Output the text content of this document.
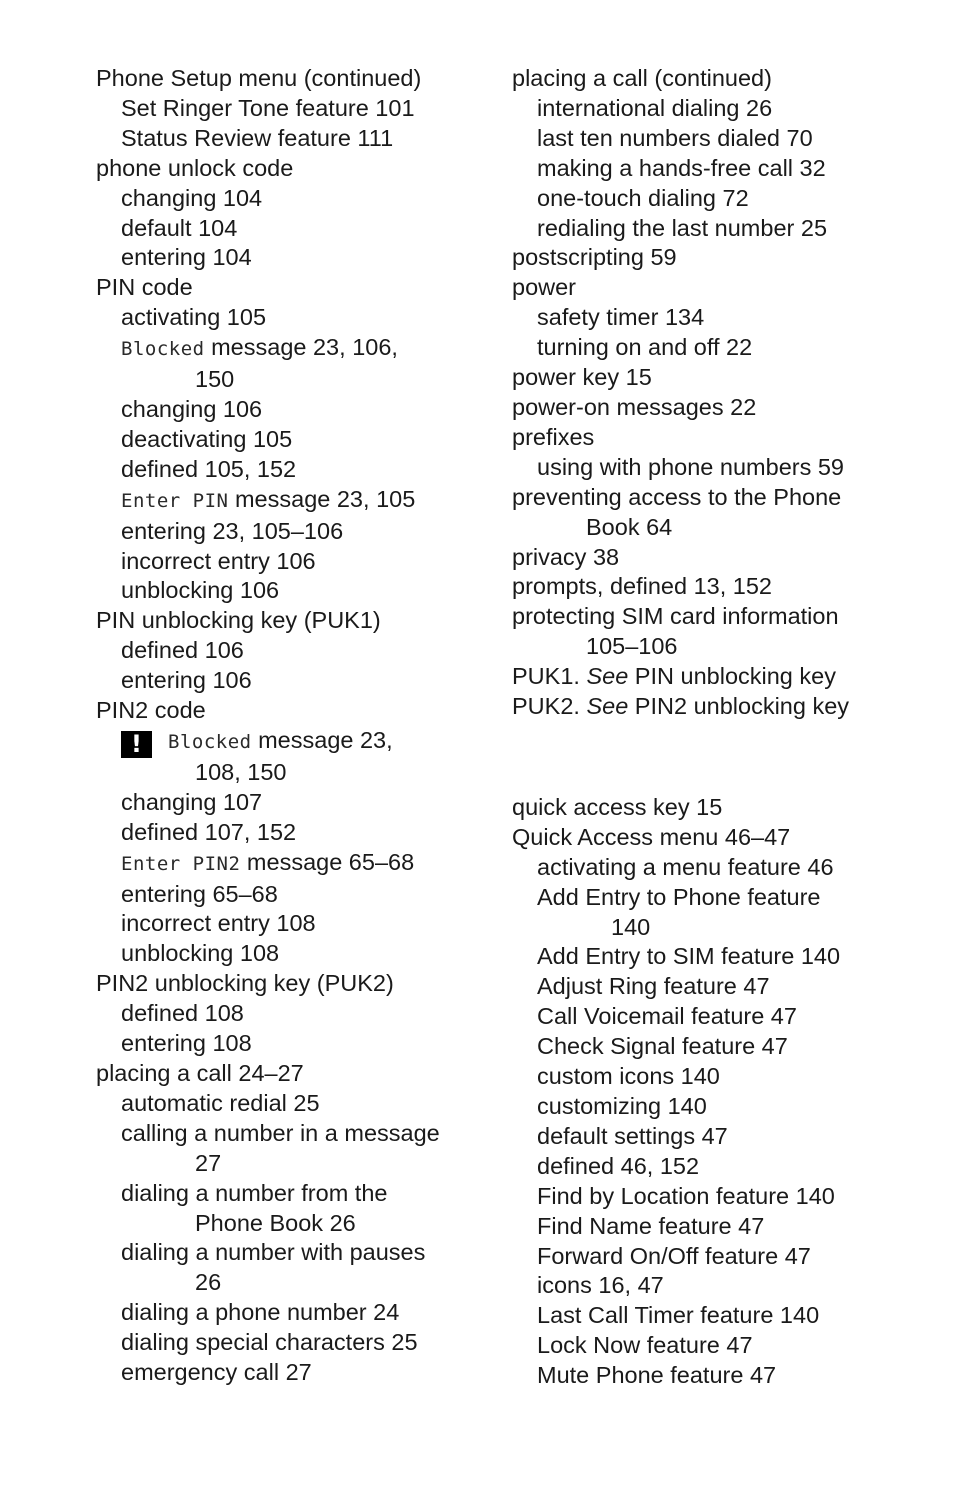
Phone Setup menu (continued)
Set Ringer Tone feature 101
Status Review feature 111
phone unlock code
changing 104
default 104
entering 104
PIN code
activating 105
Blocked message 23, 106,
150
changing 106
deactivating 105
defined 105, 152
Enter PIN message 23, 105
entering 23, 105–106
incorrect entry 106
unblocking 106
PIN unblocking key (PUK1)
defined 106
entering 106
PIN2 code
! Blocked message 23,
108, 150
changing 107
defined 107, 152
Enter PIN2 message 65–68
entering 65–68
incorrect entry 108
unblocking 108
PIN2 unblocking key (PUK2)
defined 108
entering 108
placing a call 24–27
automatic redial 25
calling a number in a message
27
dialing a number from the
Phone Book 26
dialing a number with pauses
26
dialing a phone number 24
dialing special characters 25
emergency call 27
placing a call (continued)
international dialing 26
last ten numbers dialed 70
making a hands-free call 32
one-touch dialing 72
redialing the last number 25
postscripting 59
power
safety timer 134
turning on and off 22
power key 15
power-on messages 22
prefixes
using with phone numbers 59
preventing access to the Phone
Book 64
privacy 38
prompts, defined 13, 152
protecting SIM card information
105–106
PUK1. See PIN unblocking key
PUK2. See PIN2 unblocking key
quick access key 15
Quick Access menu 46–47
activating a menu feature 46
Add Entry to Phone feature
140
Add Entry to SIM feature 140
Adjust Ring feature 47
Call Voicemail feature 47
Check Signal feature 47
custom icons 140
customizing 140
default settings 47
defined 46, 152
Find by Location feature 140
Find Name feature 47
Forward On/Off feature 47
icons 16, 47
Last Call Timer feature 140
Lock Now feature 47
Mute Phone feature 47
